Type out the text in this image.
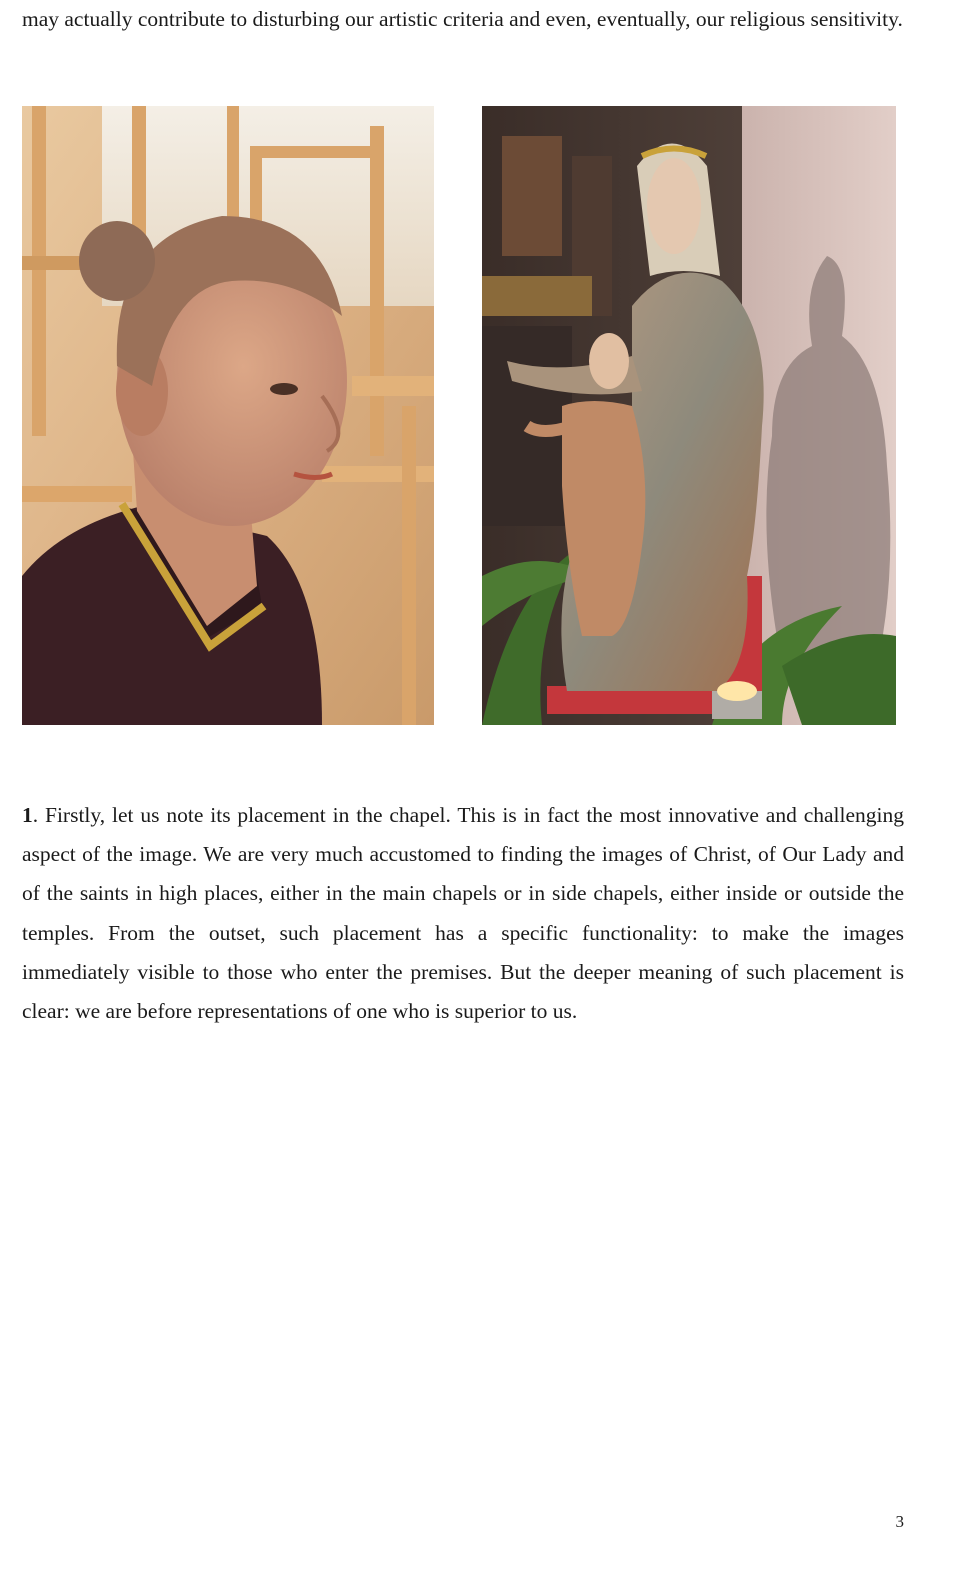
may actually contribute to disturbing our artistic criteria and even, eventually, our religious sensitivity.

1. Firstly, let us note its placement in the chapel. This is in fact the most innovative and challenging aspect of the image. We are very much accustomed to finding the images of Christ, of Our Lady and of the saints in high places, either in the main chapels or in side chapels, either inside or outside the temples. From the outset, such placement has a specific functionality: to make the images immediately visible to those who enter the premises. But the deeper meaning of such placement is clear: we are before representations of one who is superior to us.

3
